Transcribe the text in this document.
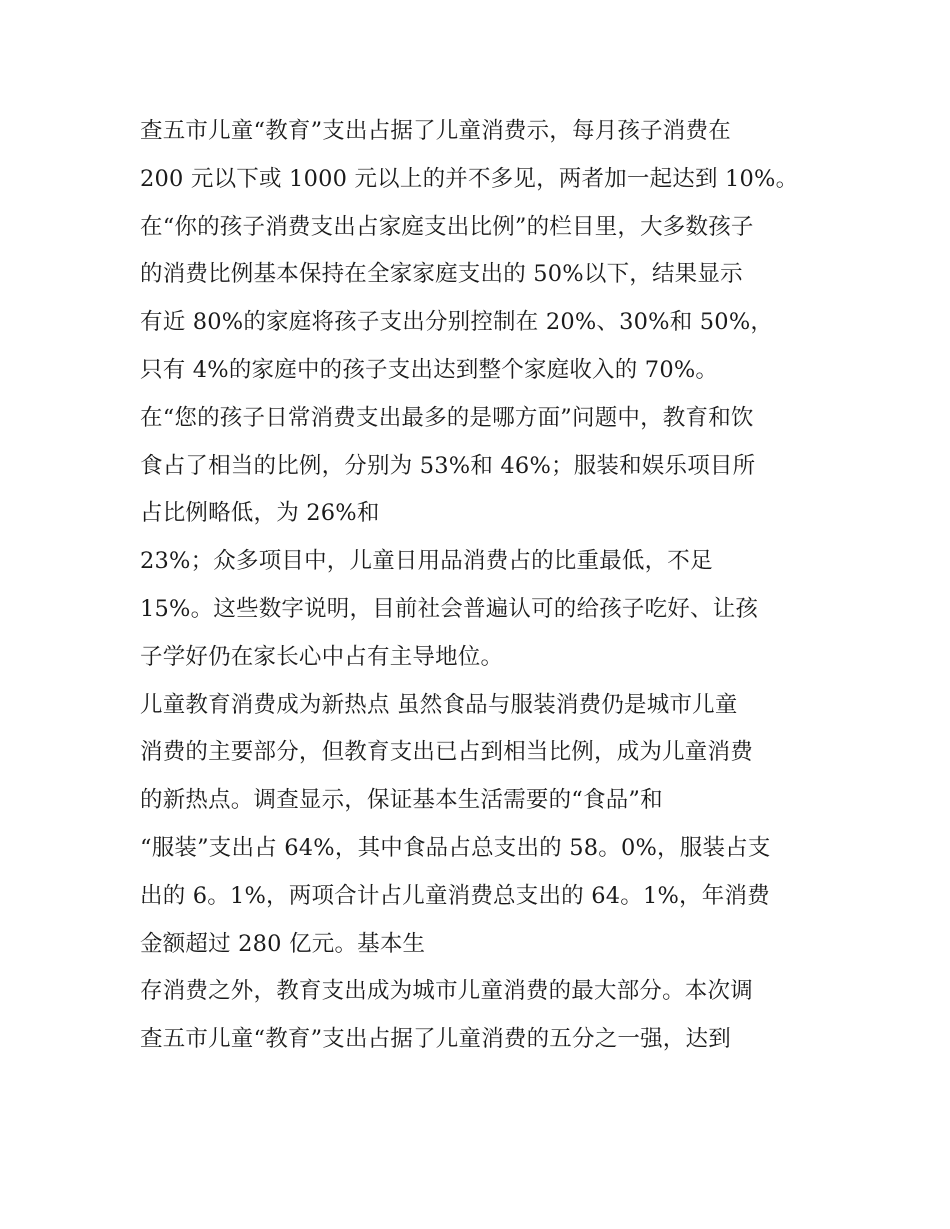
查五市儿童“教育”支出占据了儿童消费示，每月孩子消费在
200 元以下或 1000 元以上的并不多见，两者加一起达到 10%。
在“你的孩子消费支出占家庭支出比例”的栏目里，大多数孩子
的消费比例基本保持在全家家庭支出的 50%以下，结果显示
有近 80%的家庭将孩子支出分别控制在 20%、30%和 50%，
只有 4%的家庭中的孩子支出达到整个家庭收入的 70%。
在“您的孩子日常消费支出最多的是哪方面”问题中，教育和饮
食占了相当的比例，分别为 53%和 46%；服装和娱乐项目所
占比例略低，为 26%和
23%；众多项目中，儿童日用品消费占的比重最低，不足
15%。这些数字说明，目前社会普遍认可的给孩子吃好、让孩
子学好仍在家长心中占有主导地位。
儿童教育消费成为新热点 虽然食品与服装消费仍是城市儿童
消费的主要部分，但教育支出已占到相当比例，成为儿童消费
的新热点。调查显示，保证基本生活需要的“食品”和
“服装”支出占 64%，其中食品占总支出的 58。0%，服装占支
出的 6。1%，两项合计占儿童消费总支出的 64。1%，年消费
金额超过 280 亿元。基本生
存消费之外，教育支出成为城市儿童消费的最大部分。本次调
查五市儿童“教育”支出占据了儿童消费的五分之一强，达到
